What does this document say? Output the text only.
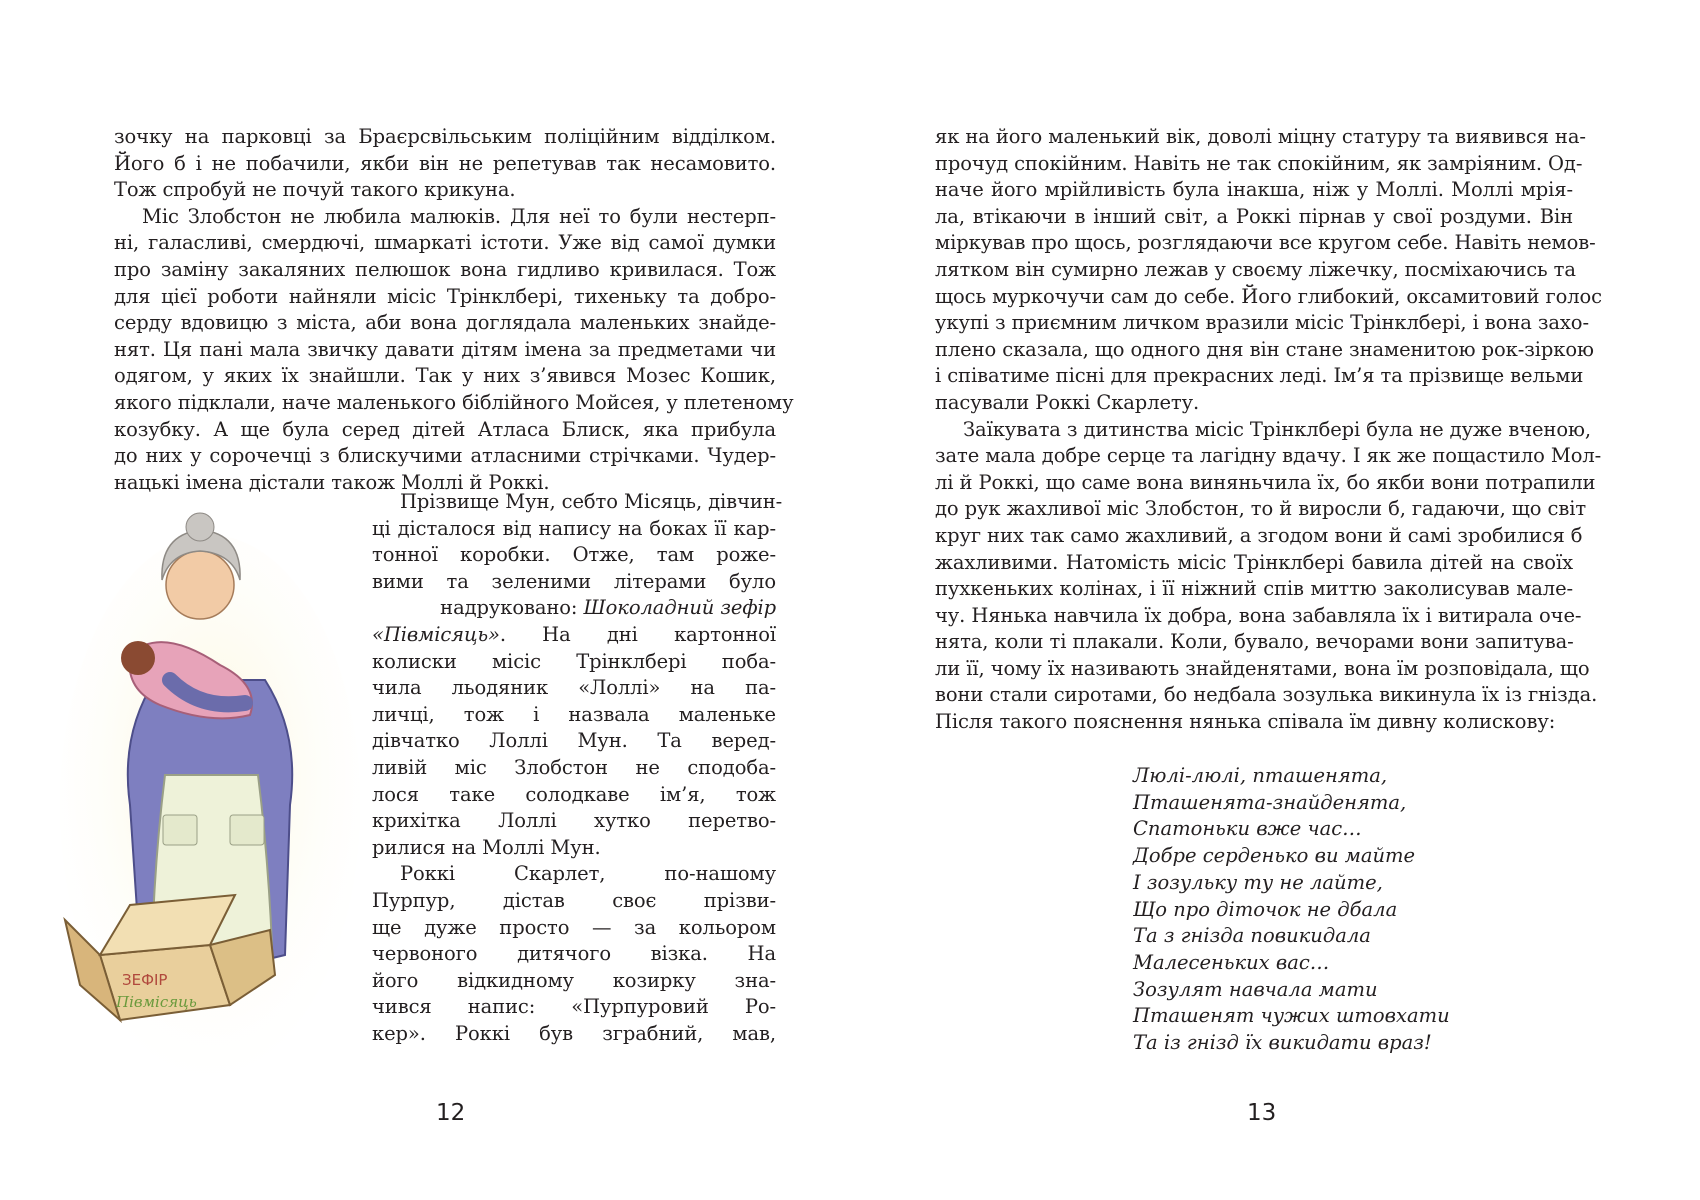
зочку на парковці за Браєрсвільським поліційним відділком.
Його б і не побачили, якби він не репетував так несамовито.
Тож спробуй не почуй такого крикуна.
Міс Злобстон не любила малюків. Для неї то були нестерп-
ні, галасливі, смердючі, шмаркаті істоти. Уже від самої думки
про заміну закаляних пелюшок вона гидливо кривилася. Тож
для цієї роботи найняли місіс Трінклбері, тихеньку та добро-
серду вдовицю з міста, аби вона доглядала маленьких знайде-
нят. Ця пані мала звичку давати дітям імена за предметами чи
одягом, у яких їх знайшли. Так у них з’явився Мозес Кошик,
якого підклали, наче маленького біблійного Мойсея, у плетеному
козубку. А ще була серед дітей Атласа Блиск, яка прибула
до них у сорочечці з блискучими атласними стрічками. Чудер-
нацькі імена дістали також Моллі й Роккі.
Прізвище Мун, себто Місяць, дівчин-
ці дісталося від напису на боках її кар-
тонної коробки. Отже, там роже-
вими та зеленими літерами було
надруковано: Шоколадний зефір
«Півмісяць». На дні картонної
колиски місіс Трінклбері поба-
чила льодяник «Лоллі» на па-
личці, тож і назвала маленьке
дівчатко Лоллі Мун. Та веред-
ливій міс Злобстон не сподоба-
лося таке солодкаве ім’я, тож
крихітка Лоллі хутко перетво-
рилися на Моллі Мун.
Роккі Скарлет, по-нашому
Пурпур, дістав своє прізви-
ще дуже просто — за кольором
червоного дитячого візка. На
його відкидному козирку зна-
чився напис: «Пурпуровий Ро-
кер». Роккі був зграбний, мав,
ЗЕФІР
Півмісяць
12
як на його маленький вік, доволі міцну статуру та виявився на-
прочуд спокійним. Навіть не так спокійним, як замріяним. Од-
наче його мрійливість була інакша, ніж у Моллі. Моллі мрія-
ла, втікаючи в інший світ, а Роккі пірнав у свої роздуми. Він
міркував про щось, розглядаючи все кругом себе. Навіть немов-
лятком він сумирно лежав у своєму ліжечку, посміхаючись та
щось муркочучи сам до себе. Його глибокий, оксамитовий голос
укупі з приємним личком вразили місіс Трінклбері, і вона захо-
плено сказала, що одного дня він стане знаменитою рок-зіркою
і співатиме пісні для прекрасних леді. Ім’я та прізвище вельми
пасували Роккі Скарлету.
Заїкувата з дитинства місіс Трінклбері була не дуже вченою,
зате мала добре серце та лагідну вдачу. І як же пощастило Мол-
лі й Роккі, що саме вона виняньчила їх, бо якби вони потрапили
до рук жахливої міс Злобстон, то й виросли б, гадаючи, що світ
круг них так само жахливий, а згодом вони й самі зробилися б
жахливими. Натомість місіс Трінклбері бавила дітей на своїх
пухкеньких колінах, і її ніжний спів миттю заколисував мале-
чу. Нянька навчила їх добра, вона забавляла їх і витирала оче-
нята, коли ті плакали. Коли, бувало, вечорами вони запитува-
ли її, чому їх називають знайденятами, вона їм розповідала, що
вони стали сиротами, бо недбала зозулька викинула їх із гнізда.
Після такого пояснення нянька співала їм дивну колискову:
Люлі-люлі, пташенята,
Пташенята-знайденята,
Спатоньки вже час…
Добре серденько ви майте
І зозульку ту не лайте,
Що про діточок не дбала
Та з гнізда повикидала
Малесеньких вас…
Зозулят навчала мати
Пташенят чужих штовхати
Та із гнізд їх викидати враз!
13
